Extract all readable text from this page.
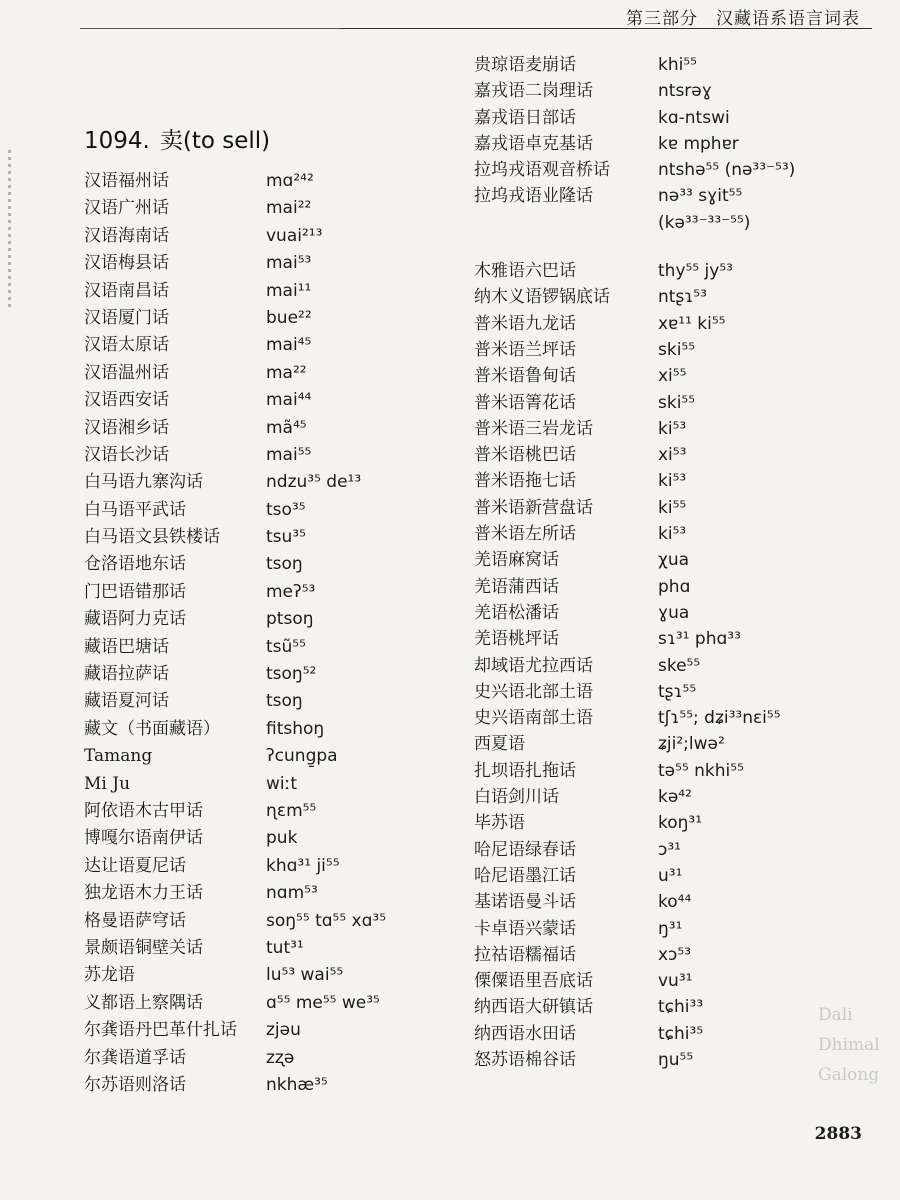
第三部分　汉藏语系语言词表
1094. 卖(to sell)
汉语福州话	mɑ²⁴²
汉语广州话	mai²²
汉语海南话	vuai²¹³
汉语梅县话	mai⁵³
汉语南昌话	mai¹¹
汉语厦门话	bue²²
汉语太原话	mai⁴⁵
汉语温州话	ma²²
汉语西安话	mai⁴⁴
汉语湘乡话	mã⁴⁵
汉语长沙话	mai⁵⁵
白马语九寨沟话	ndzu³⁵ de¹³
白马语平武话	tso³⁵
白马语文县铁楼话	tsu³⁵
仓洛语地东话	tsoŋ
门巴语错那话	meʔ⁵³
藏语阿力克话	ptsoŋ
藏语巴塘话	tsũ⁵⁵
藏语拉萨话	tsoŋ⁵²
藏语夏河话	tsoŋ
藏文（书面藏语）	fitshoŋ
Tamang	ʔcung̱pa
Mi Ju	wiːt
阿依语木古甲话	ɳɛm⁵⁵
博嘎尔语南伊话	puk
达让语夏尼话	khɑ³¹ ji⁵⁵
独龙语木力王话	nɑm⁵³
格曼语萨穹话	soŋ⁵⁵ tɑ⁵⁵ xɑ³⁵
景颇语铜壁关话	tut³¹
苏龙语	lu⁵³ wai⁵⁵
义都语上察隅话	ɑ⁵⁵ me⁵⁵ we³⁵
尔龚语丹巴革什扎话 zjəu
尔龚语道孚话	zʐə
尔苏语则洛话	nkhæ³⁵
贵琼语麦崩话	khi⁵⁵
嘉戎语二岗理话	ntsrəɣ
嘉戎语日部话	kɑ-ntswi
嘉戎语卓克基话	kɐ mphɐr
拉坞戎语观音桥话	ntshə⁵⁵ (nə³³⁻⁵³)
拉坞戎语业隆话	nə³³ sɣit⁵⁵
(kə³³⁻³³⁻⁵⁵)
木雅语六巴话	thy⁵⁵ jy⁵³
纳木义语锣锅底话	ntʂɿ⁵³
普米语九龙话	xɐ¹¹ ki⁵⁵
普米语兰坪话	ski⁵⁵
普米语鲁甸话	xi⁵⁵
普米语箐花话	ski⁵⁵
普米语三岩龙话	ki⁵³
普米语桃巴话	xi⁵³
普米语拖七话	ki⁵³
普米语新营盘话	ki⁵⁵
普米语左所话	ki⁵³
羌语麻窝话	χua
羌语蒲西话	phɑ
羌语松潘话	ɣua
羌语桃坪话	sɿ³¹ phɑ³³
却域语尤拉西话	ske⁵⁵
史兴语北部土语	tʂɿ⁵⁵
史兴语南部土语	tʃɿ⁵⁵; dʑi³³nɛi⁵⁵
西夏语	ʑji²;lwə²
扎坝语扎拖话	tə⁵⁵ nkhi⁵⁵
白语剑川话	kə⁴²
毕苏语	koŋ³¹
哈尼语绿春话	ɔ³¹
哈尼语墨江话	u³¹
基诺语曼斗话	ko⁴⁴
卡卓语兴蒙话	ŋ³¹
拉祜语糯福话	xɔ⁵³
傈僳语里吾底话	vu³¹
纳西语大研镇话	tɕhi³³
纳西语水田话	tɕhi³⁵
怒苏语棉谷话	ŋu⁵⁵
Dali
Dhimal
Galong
2883
